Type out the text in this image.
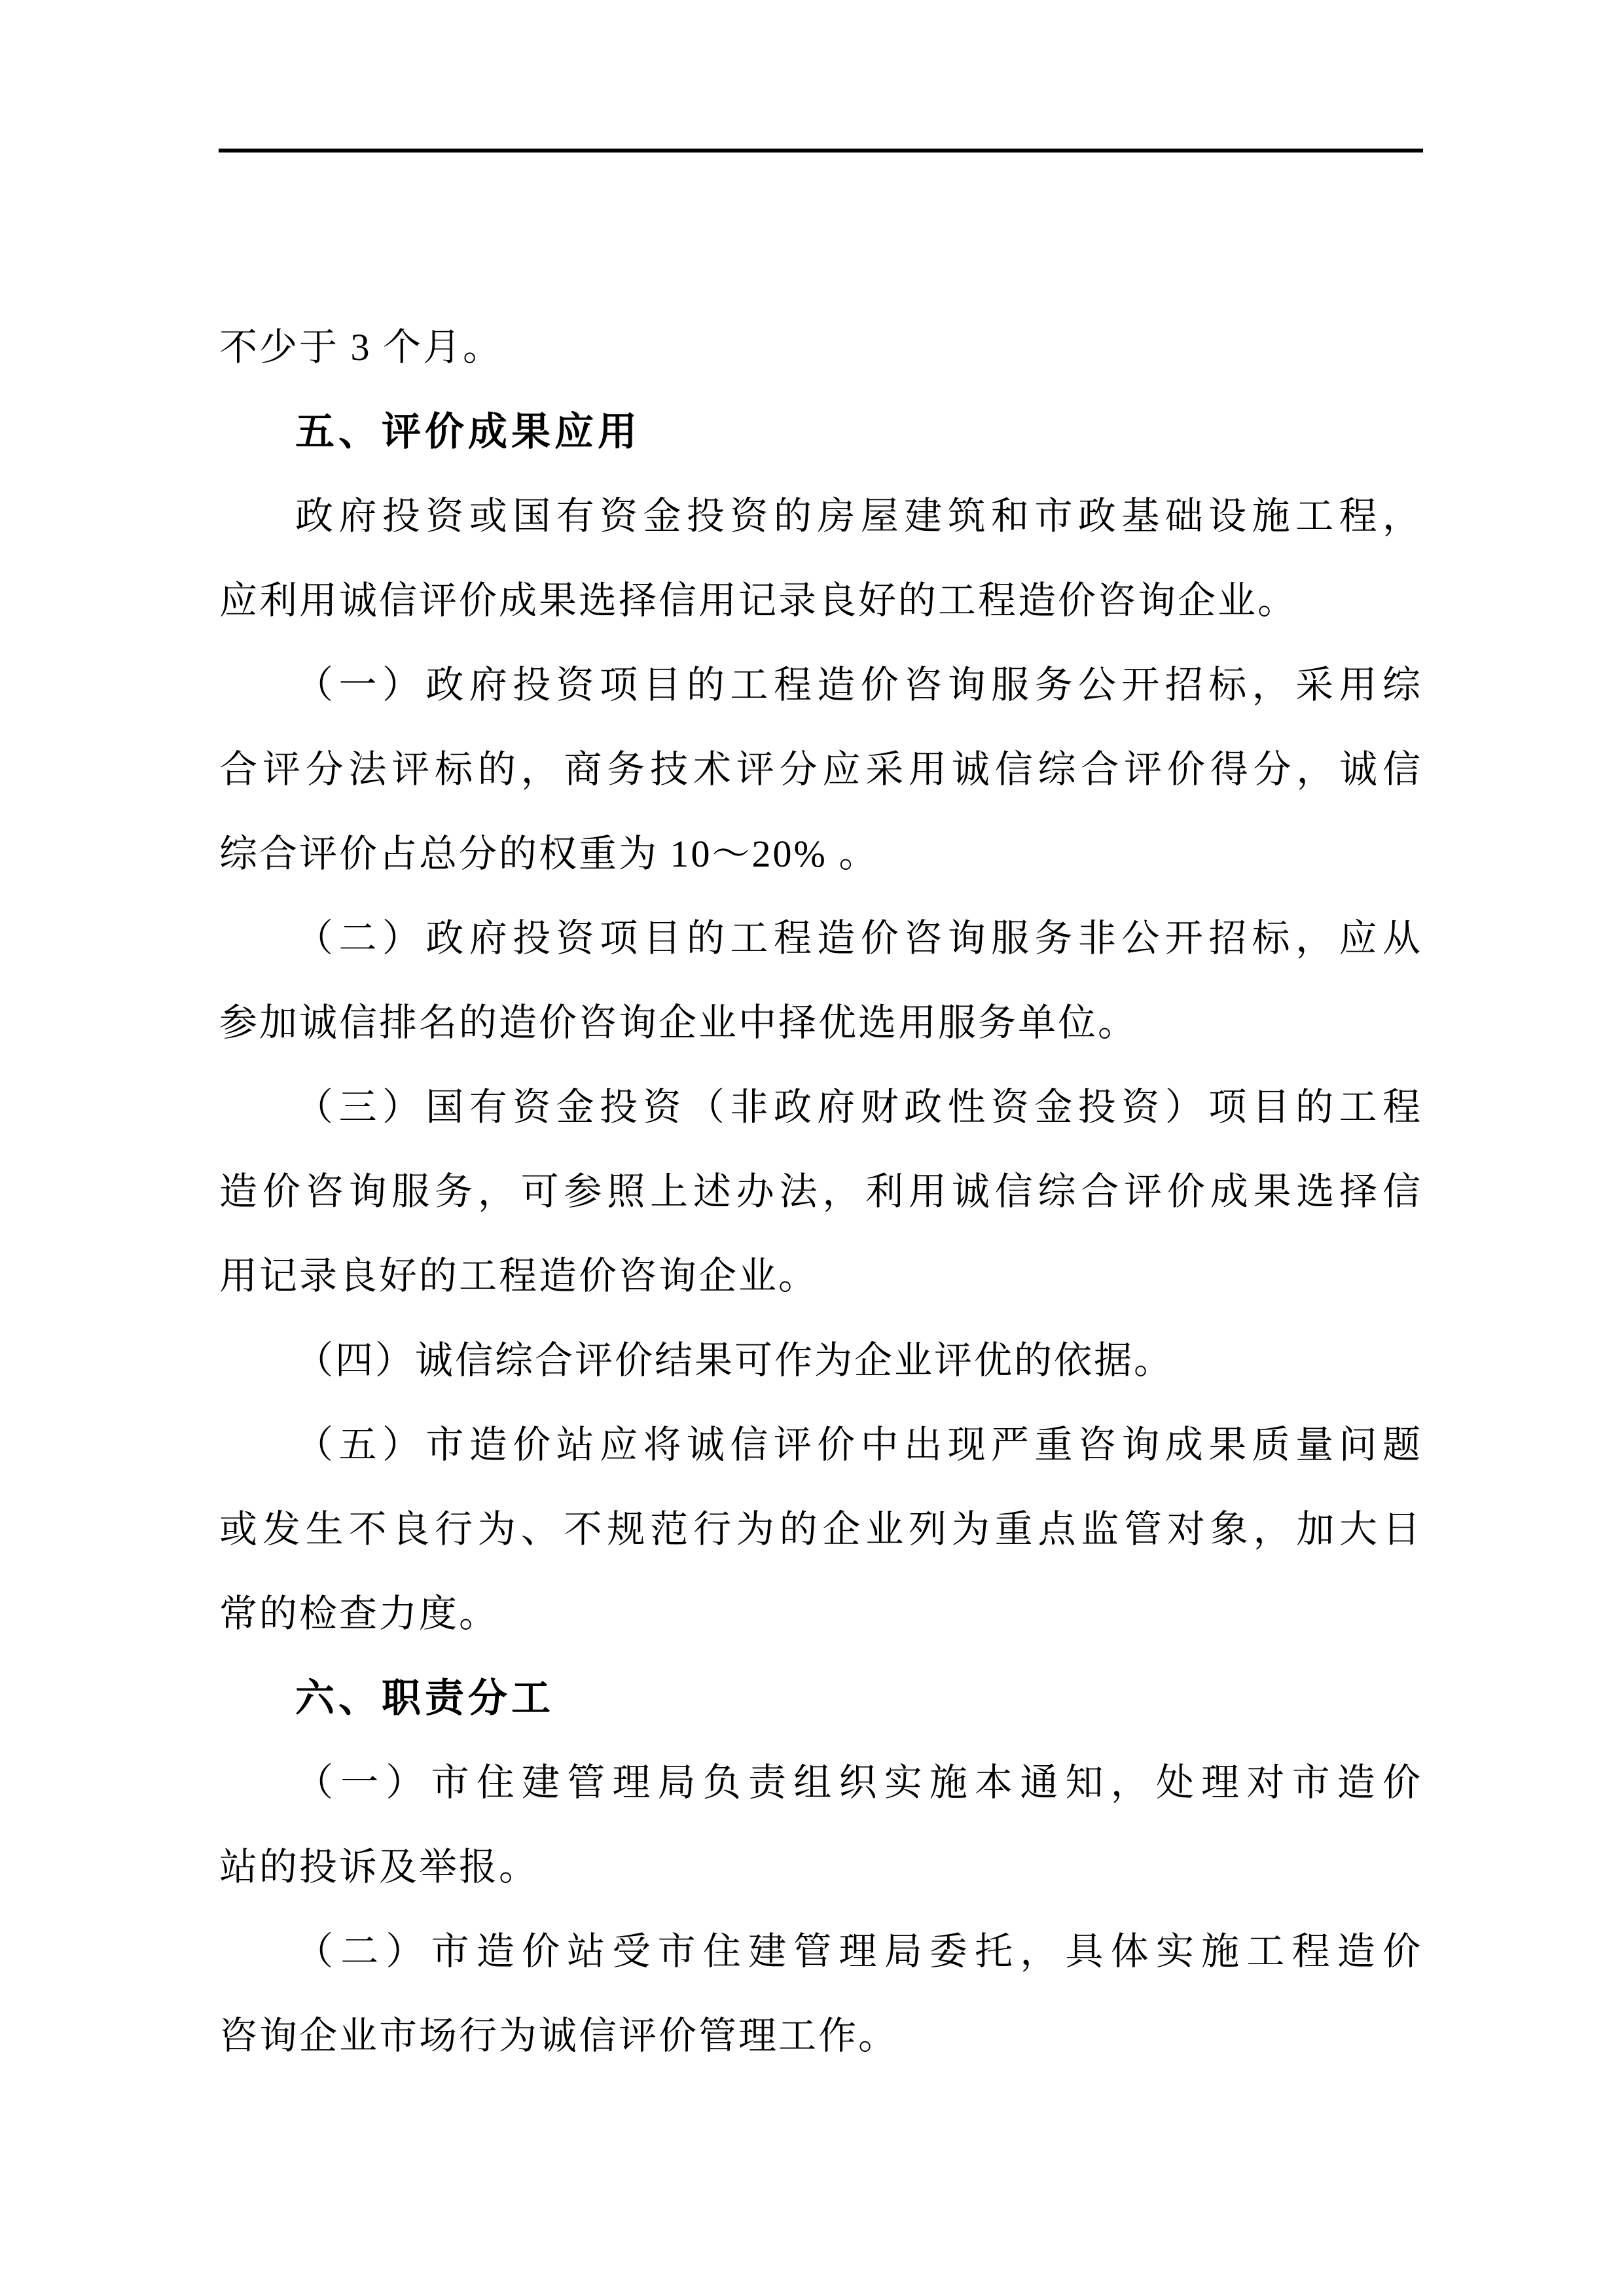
不少于 3 个月。
五、评价成果应用
政府投资或国有资金投资的房屋建筑和市政基础设施工程，
应利用诚信评价成果选择信用记录良好的工程造价咨询企业。
（一）政府投资项目的工程造价咨询服务公开招标，采用综
合评分法评标的，商务技术评分应采用诚信综合评价得分，诚信
综合评价占总分的权重为 10～20% 。
（二）政府投资项目的工程造价咨询服务非公开招标，应从
参加诚信排名的造价咨询企业中择优选用服务单位。
（三）国有资金投资（非政府财政性资金投资）项目的工程
造价咨询服务，可参照上述办法，利用诚信综合评价成果选择信
用记录良好的工程造价咨询企业。
（四）诚信综合评价结果可作为企业评优的依据。
（五）市造价站应将诚信评价中出现严重咨询成果质量问题
或发生不良行为、不规范行为的企业列为重点监管对象，加大日
常的检查力度。
六、职责分工
（一）市住建管理局负责组织实施本通知，处理对市造价
站的投诉及举报。
（二）市造价站受市住建管理局委托，具体实施工程造价
咨询企业市场行为诚信评价管理工作。
